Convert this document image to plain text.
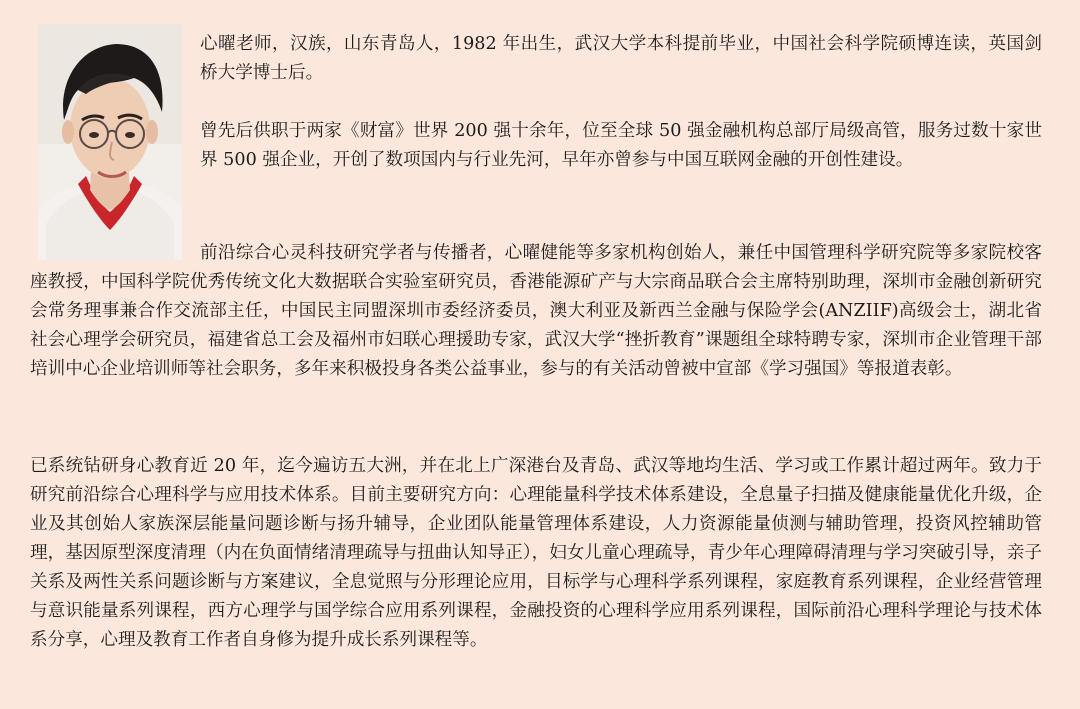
心曜老师，汉族，山东青岛人，1982 年出生，武汉大学本科提前毕业，中国社会科学院硕博连读，英国剑桥大学博士后。

曾先后供职于两家《财富》世界 200 强十余年，位至全球 50 强金融机构总部厅局级高管，服务过数十家世界 500 强企业，开创了数项国内与行业先河，早年亦曾参与中国互联网金融的开创性建设。

前沿综合心灵科技研究学者与传播者，心曜健能等多家机构创始人，兼任中国管理科学研究院等多家院校客座教授，中国科学院优秀传统文化大数据联合实验室研究员，香港能源矿产与大宗商品联合会主席特别助理，深圳市金融创新研究会常务理事兼合作交流部主任，中国民主同盟深圳市委经济委员，澳大利亚及新西兰金融与保险学会(ANZIIF)高级会士，湖北省社会心理学会研究员，福建省总工会及福州市妇联心理援助专家，武汉大学“挫折教育”课题组全球特聘专家，深圳市企业管理干部培训中心企业培训师等社会职务，多年来积极投身各类公益事业，参与的有关活动曾被中宣部《学习强国》等报道表彰。

已系统钻研身心教育近 20 年，迄今遍访五大洲，并在北上广深港台及青岛、武汉等地均生活、学习或工作累计超过两年。致力于研究前沿综合心理科学与应用技术体系。目前主要研究方向：心理能量科学技术体系建设，全息量子扫描及健康能量优化升级，企业及其创始人家族深层能量问题诊断与扬升辅导，企业团队能量管理体系建设，人力资源能量侦测与辅助管理，投资风控辅助管理，基因原型深度清理（内在负面情绪清理疏导与扭曲认知导正），妇女儿童心理疏导，青少年心理障碍清理与学习突破引导，亲子关系及两性关系问题诊断与方案建议，全息觉照与分形理论应用，目标学与心理科学系列课程，家庭教育系列课程，企业经营管理与意识能量系列课程，西方心理学与国学综合应用系列课程，金融投资的心理科学应用系列课程，国际前沿心理科学理论与技术体系分享，心理及教育工作者自身修为提升成长系列课程等。
